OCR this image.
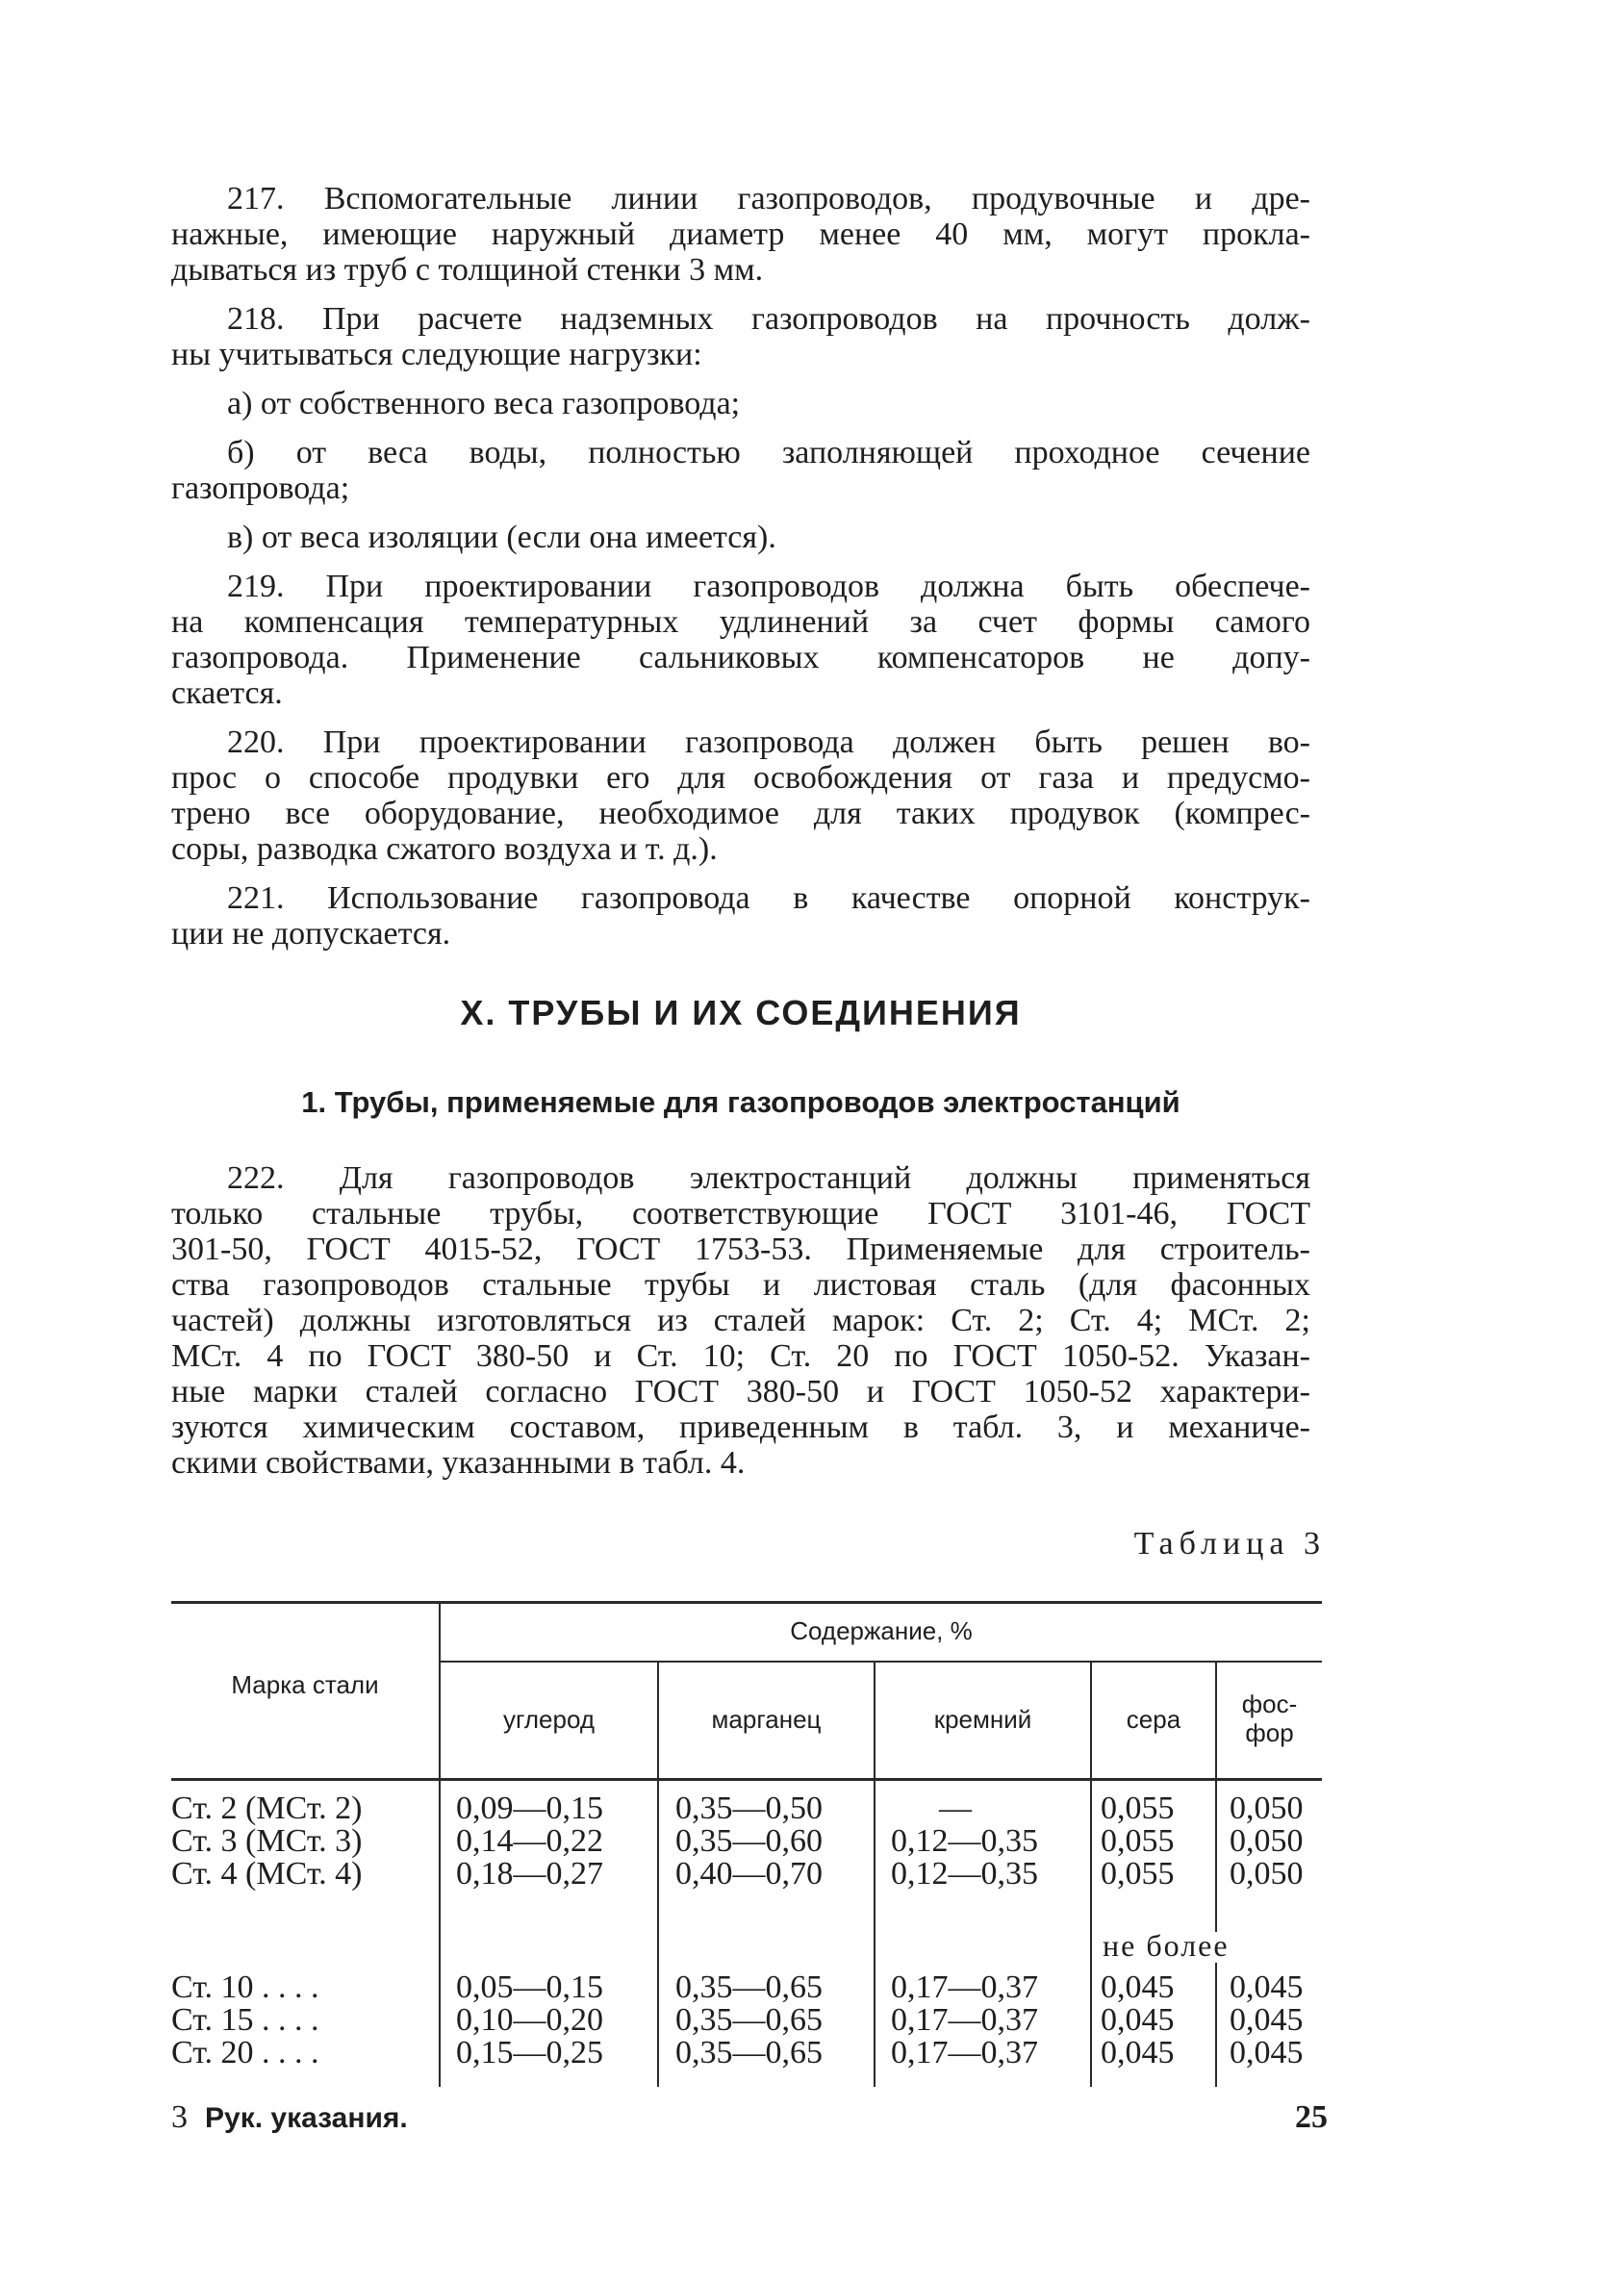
217. Вспомогательные линии газопроводов, продувочные и дре-
нажные, имеющие наружный диаметр менее 40 мм, могут прокла-
дываться из труб с толщиной стенки 3 мм.
218. При расчете надземных газопроводов на прочность долж-
ны учитываться следующие нагрузки:
а) от собственного веса газопровода;
б) от веса воды, полностью заполняющей проходное сечение
газопровода;
в) от веса изоляции (если она имеется).
219. При проектировании газопроводов должна быть обеспече-
на компенсация температурных удлинений за счет формы самого
газопровода. Применение сальниковых компенсаторов не допу-
скается.
220. При проектировании газопровода должен быть решен во-
прос о способе продувки его для освобождения от газа и предусмо-
трено все оборудование, необходимое для таких продувок (компрес-
соры, разводка сжатого воздуха и т. д.).
221. Использование газопровода в качестве опорной конструк-
ции не допускается.
X. ТРУБЫ И ИХ СОЕДИНЕНИЯ
1. Трубы, применяемые для газопроводов электростанций
222. Для газопроводов электростанций должны применяться
только стальные трубы, соответствующие ГОСТ 3101-46, ГОСТ
301-50, ГОСТ 4015-52, ГОСТ 1753-53. Применяемые для строитель-
ства газопроводов стальные трубы и листовая сталь (для фасонных
частей) должны изготовляться из сталей марок: Ст. 2; Ст. 4; МСт. 2;
МСт. 4 по ГОСТ 380-50 и Ст. 10; Ст. 20 по ГОСТ 1050-52. Указан-
ные марки сталей согласно ГОСТ 380-50 и ГОСТ 1050-52 характери-
зуются химическим составом, приведенным в табл. 3, и механиче-
скими свойствами, указанными в табл. 4.

Таблица 3

Марка стали
Содержание, %
углерод	марганец	кремний	сера
фос-
фор
Ст. 2 (МСт. 2)	0,09—0,15 0,35—0,50	—	0,055 0,050
Ст. 3 (МСт. 3)	0,14—0,22 0,35—0,60 0,12—0,35 0,055 0,050
Ст. 4 (МСт. 4)	0,18—0,27 0,40—0,70 0,12—0,35 0,055 0,050
не более
Ст. 10 . . . .	0,05—0,15 0,35—0,65 0,17—0,37 0,045 0,045
Ст. 15 . . . .	0,10—0,20 0,35—0,65 0,17—0,37 0,045 0,045
Ст. 20 . . . .	0,15—0,25 0,35—0,65 0,17—0,37 0,045 0,045
3 Рук. указания.	25
